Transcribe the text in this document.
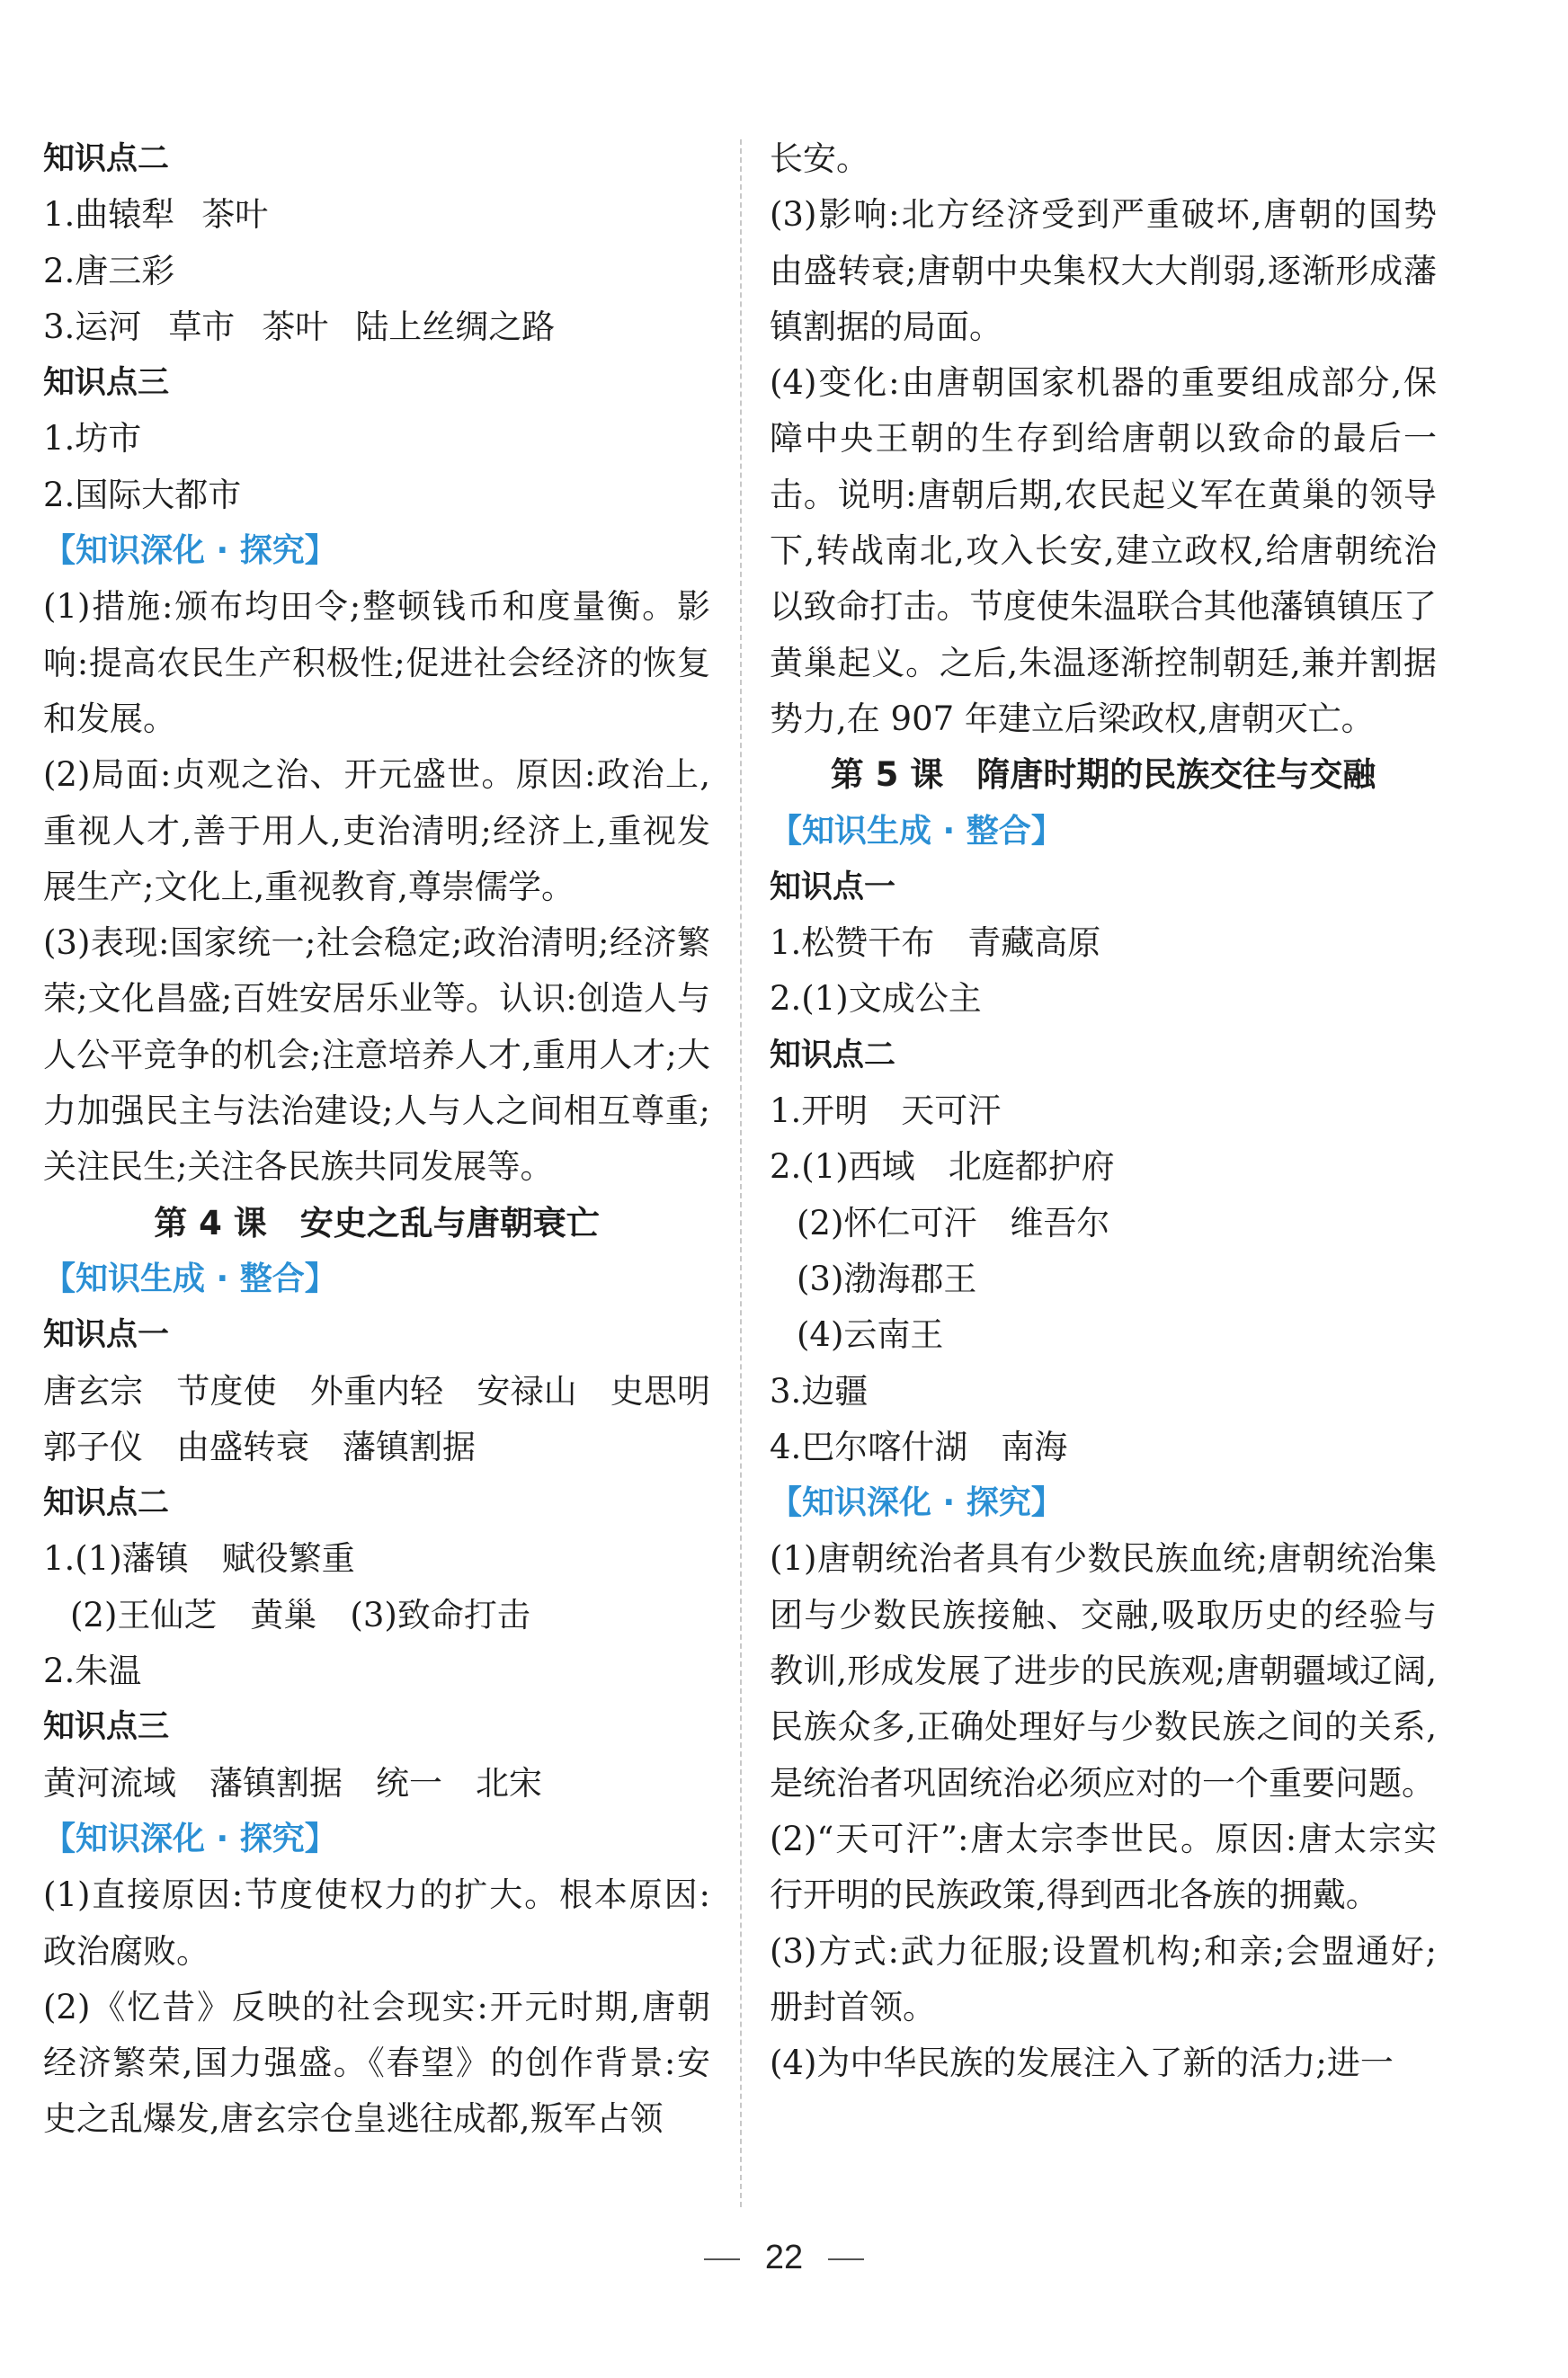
知识点二
1.曲辕犁 茶叶
2.唐三彩
3.运河 草市 茶叶 陆上丝绸之路
知识点三
1.坊市
2.国际大都市
【知识深化 · 探究】

(1)措施:颁布均田令;整顿钱币和度量衡。影响:提高农民生产积极性;促进社会经济的恢复和发展。

(2)局面:贞观之治、开元盛世。原因:政治上,重视人才,善于用人,吏治清明;经济上,重视发展生产;文化上,重视教育,尊崇儒学。

(3)表现:国家统一;社会稳定;政治清明;经济繁荣;文化昌盛;百姓安居乐业等。认识:创造人与人公平竞争的机会;注意培养人才,重用人才;大力加强民主与法治建设;人与人之间相互尊重;关注民生;关注各民族共同发展等。

第 4 课　安史之乱与唐朝衰亡
【知识生成 · 整合】
知识点一

唐玄宗　节度使　外重内轻　安禄山　史思明　郭子仪　由盛转衰　藩镇割据

知识点二
1.(1)藩镇　赋役繁重
(2)王仙芝　黄巢　(3)致命打击
2.朱温
知识点三
黄河流域　藩镇割据　统一　北宋
【知识深化 · 探究】

(1)直接原因:节度使权力的扩大。根本原因:政治腐败。

(2)《忆昔》反映的社会现实:开元时期,唐朝经济繁荣,国力强盛。《春望》的创作背景:安史之乱爆发,唐玄宗仓皇逃往成都,叛军占领

长安。

(3)影响:北方经济受到严重破坏,唐朝的国势由盛转衰;唐朝中央集权大大削弱,逐渐形成藩镇割据的局面。

(4)变化:由唐朝国家机器的重要组成部分,保障中央王朝的生存到给唐朝以致命的最后一击。说明:唐朝后期,农民起义军在黄巢的领导下,转战南北,攻入长安,建立政权,给唐朝统治以致命打击。节度使朱温联合其他藩镇镇压了黄巢起义。之后,朱温逐渐控制朝廷,兼并割据势力,在 907 年建立后梁政权,唐朝灭亡。

第 5 课　隋唐时期的民族交往与交融
【知识生成 · 整合】
知识点一
1.松赞干布　青藏高原
2.(1)文成公主
知识点二
1.开明　天可汗
2.(1)西域　北庭都护府
(2)怀仁可汗　维吾尔
(3)渤海郡王
(4)云南王
3.边疆
4.巴尔喀什湖　南海
【知识深化 · 探究】

(1)唐朝统治者具有少数民族血统;唐朝统治集团与少数民族接触、交融,吸取历史的经验与教训,形成发展了进步的民族观;唐朝疆域辽阔,民族众多,正确处理好与少数民族之间的关系,是统治者巩固统治必须应对的一个重要问题。

(2)“天可汗”:唐太宗李世民。原因:唐太宗实行开明的民族政策,得到西北各族的拥戴。

(3)方式:武力征服;设置机构;和亲;会盟通好;册封首领。

(4)为中华民族的发展注入了新的活力;进一

22
